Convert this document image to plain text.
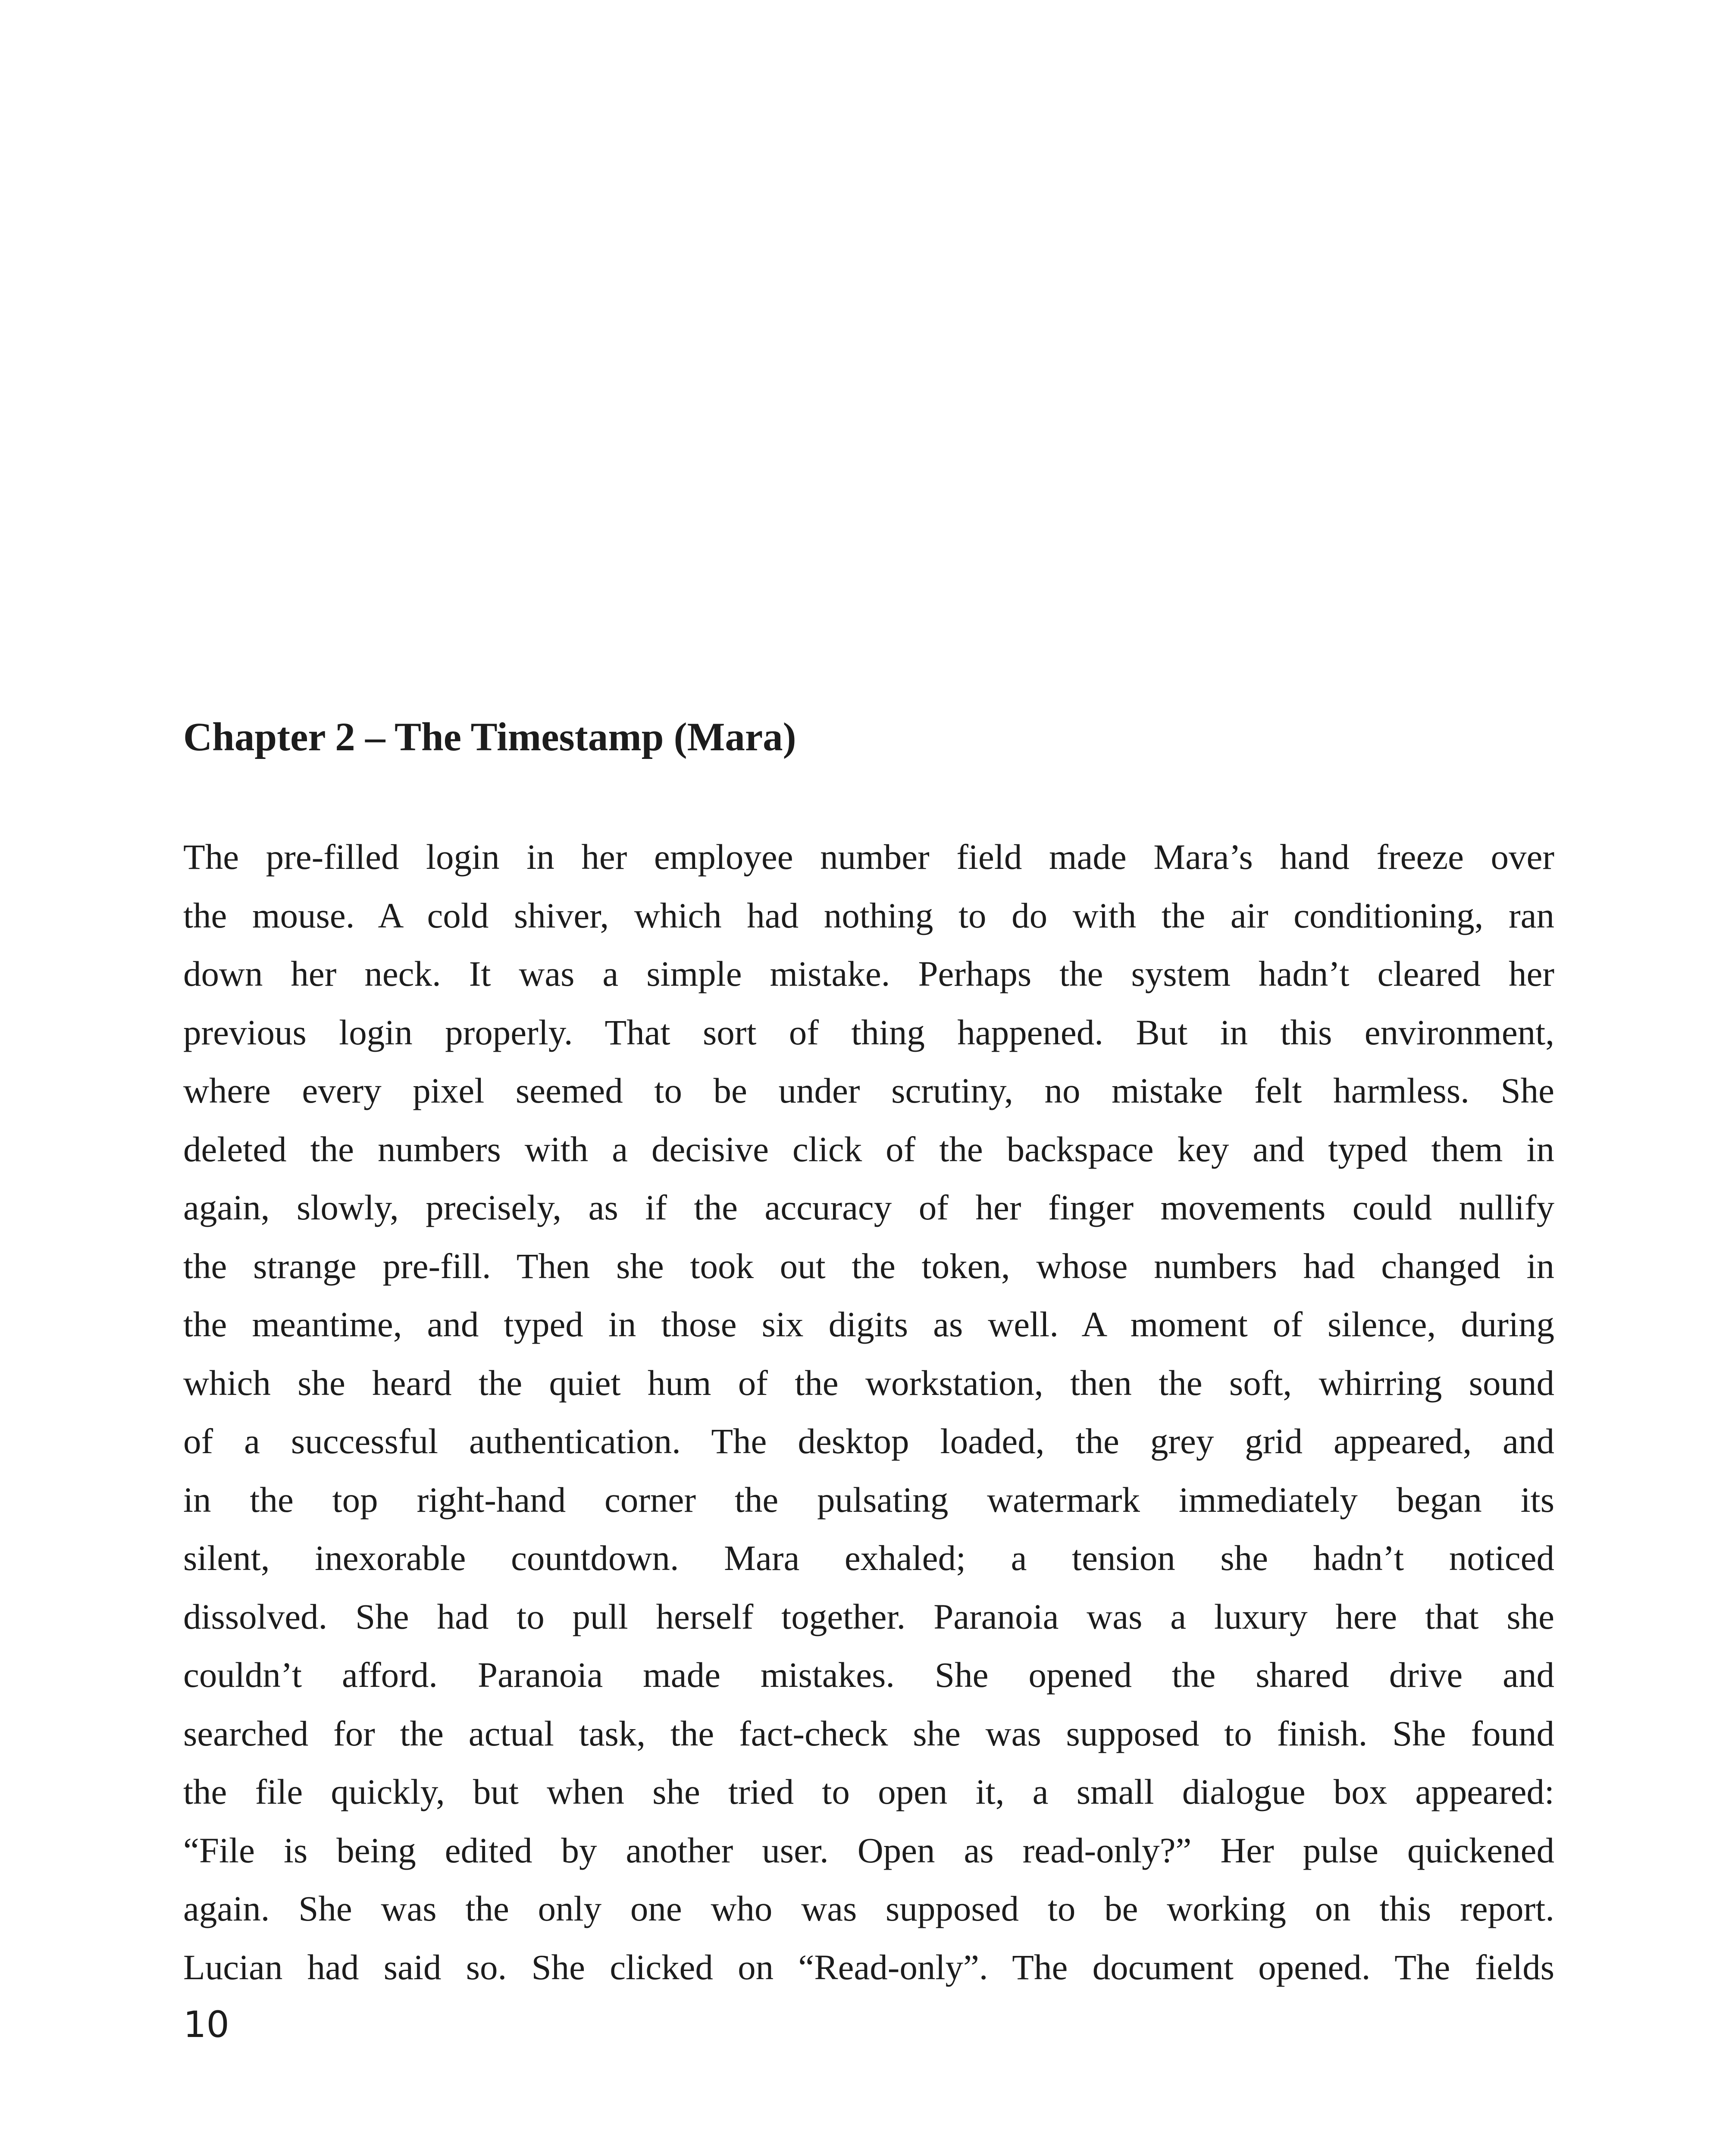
Chapter 2 – The Timestamp (Mara)
The pre-filled login in her employee number field made Mara’s hand freeze over
the mouse. A cold shiver, which had nothing to do with the air conditioning, ran
down her neck. It was a simple mistake. Perhaps the system hadn’t cleared her
previous login properly. That sort of thing happened. But in this environment,
where every pixel seemed to be under scrutiny, no mistake felt harmless. She
deleted the numbers with a decisive click of the backspace key and typed them in
again, slowly, precisely, as if the accuracy of her finger movements could nullify
the strange pre-fill. Then she took out the token, whose numbers had changed in
the meantime, and typed in those six digits as well. A moment of silence, during
which she heard the quiet hum of the workstation, then the soft, whirring sound
of a successful authentication. The desktop loaded, the grey grid appeared, and
in the top right-hand corner the pulsating watermark immediately began its
silent, inexorable countdown. Mara exhaled; a tension she hadn’t noticed
dissolved. She had to pull herself together. Paranoia was a luxury here that she
couldn’t afford. Paranoia made mistakes. She opened the shared drive and
searched for the actual task, the fact-check she was supposed to finish. She found
the file quickly, but when she tried to open it, a small dialogue box appeared:
“File is being edited by another user. Open as read-only?” Her pulse quickened
again. She was the only one who was supposed to be working on this report.
Lucian had said so. She clicked on “Read-only”. The document opened. The fields
10
